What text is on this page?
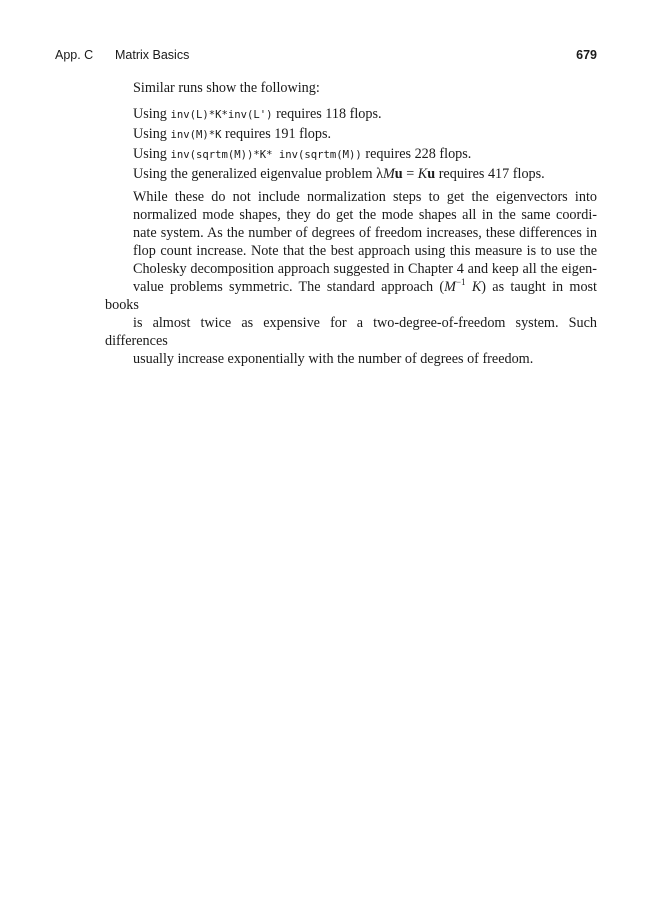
App. C Matrix Basics	679

Similar runs show the following:

Using inv(L)*K*inv(L') requires 118 flops.
Using inv(M)*K requires 191 flops.
Using inv(sqrtm(M))*K* inv(sqrtm(M)) requires 228 flops.
Using the generalized eigenvalue problem λMu = Ku requires 417 flops.
While these do not include normalization steps to get the eigenvectors into
normalized mode shapes, they do get the mode shapes all in the same coordi-
nate system. As the number of degrees of freedom increases, these differences in
flop count increase. Note that the best approach using this measure is to use the
Cholesky decomposition approach suggested in Chapter 4 and keep all the eigen-
value problems symmetric. The standard approach ($M^{-1}$ K) as taught in most books
is almost twice as expensive for a two-degree-of-freedom system. Such differences
usually increase exponentially with the number of degrees of freedom.
